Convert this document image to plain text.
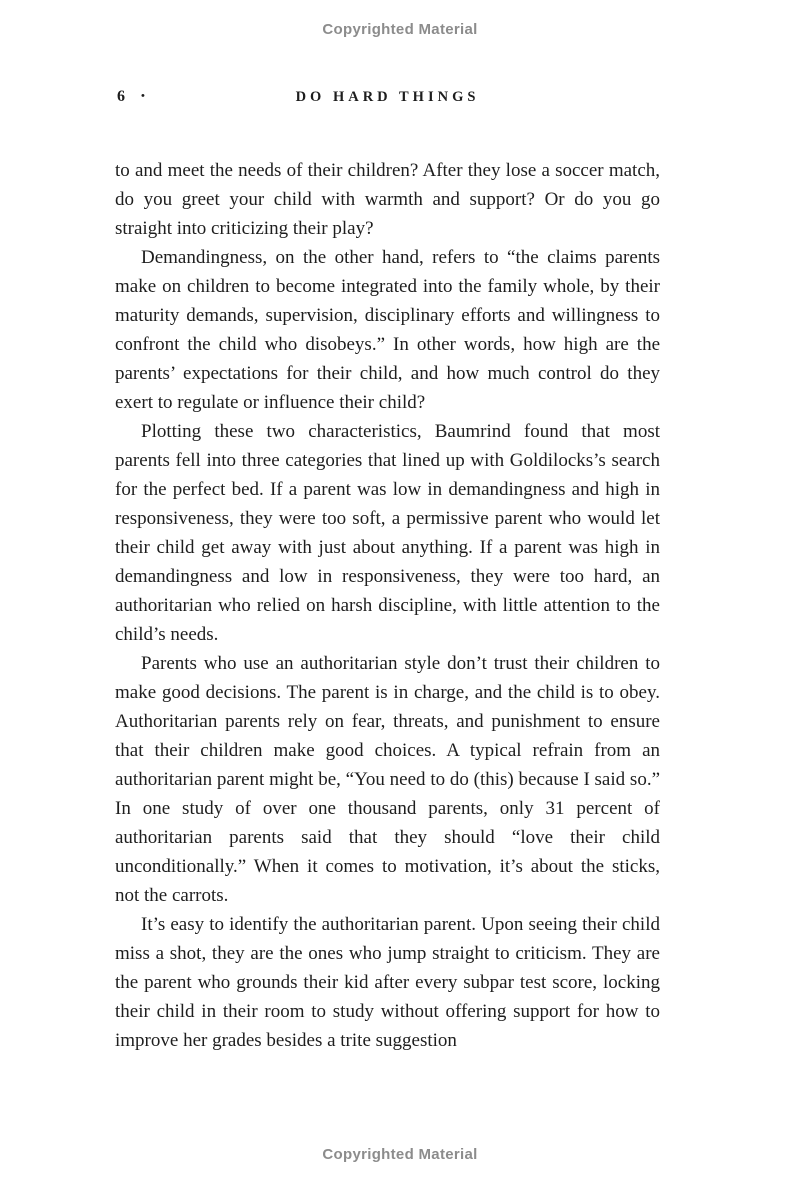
Copyrighted Material
6 •	DO HARD THINGS

to and meet the needs of their children? After they lose a soccer match, do you greet your child with warmth and support? Or do you go straight into criticizing their play?

Demandingness, on the other hand, refers to “the claims parents make on children to become integrated into the family whole, by their maturity demands, supervision, disciplinary efforts and willingness to confront the child who disobeys.” In other words, how high are the parents’ expectations for their child, and how much control do they exert to regulate or influence their child?

Plotting these two characteristics, Baumrind found that most parents fell into three categories that lined up with Goldilocks’s search for the perfect bed. If a parent was low in demandingness and high in responsiveness, they were too soft, a permissive parent who would let their child get away with just about anything. If a parent was high in demandingness and low in responsiveness, they were too hard, an authoritarian who relied on harsh discipline, with little attention to the child’s needs.

Parents who use an authoritarian style don’t trust their children to make good decisions. The parent is in charge, and the child is to obey. Authoritarian parents rely on fear, threats, and punishment to ensure that their children make good choices. A typical refrain from an authoritarian parent might be, “You need to do (this) because I said so.” In one study of over one thousand parents, only 31 percent of authoritarian parents said that they should “love their child unconditionally.” When it comes to motivation, it’s about the sticks, not the carrots.

It’s easy to identify the authoritarian parent. Upon seeing their child miss a shot, they are the ones who jump straight to criticism. They are the parent who grounds their kid after every subpar test score, locking their child in their room to study without offering support for how to improve her grades besides a trite suggestion

Copyrighted Material
